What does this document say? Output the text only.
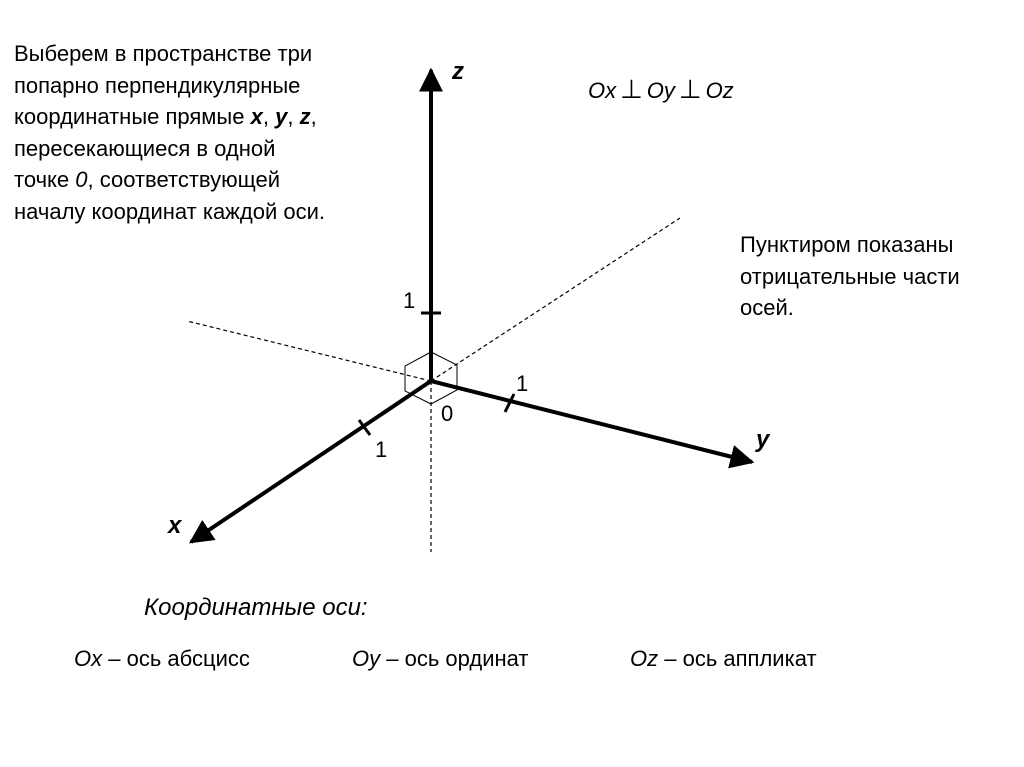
Выберем в пространстве три
попарно перпендикулярные
координатные прямые x, y, z,
пересекающиеся в одной
точке 0, соответствующей
началу координат каждой оси.
Ox ⊥ Oy ⊥ Oz
Пунктиром показаны
отрицательные части
осей.
z
y
x
1
1
1
0
Координатные оси:
Ox – ось абсцисс	Oy – ось ординат	Oz – ось аппликат
